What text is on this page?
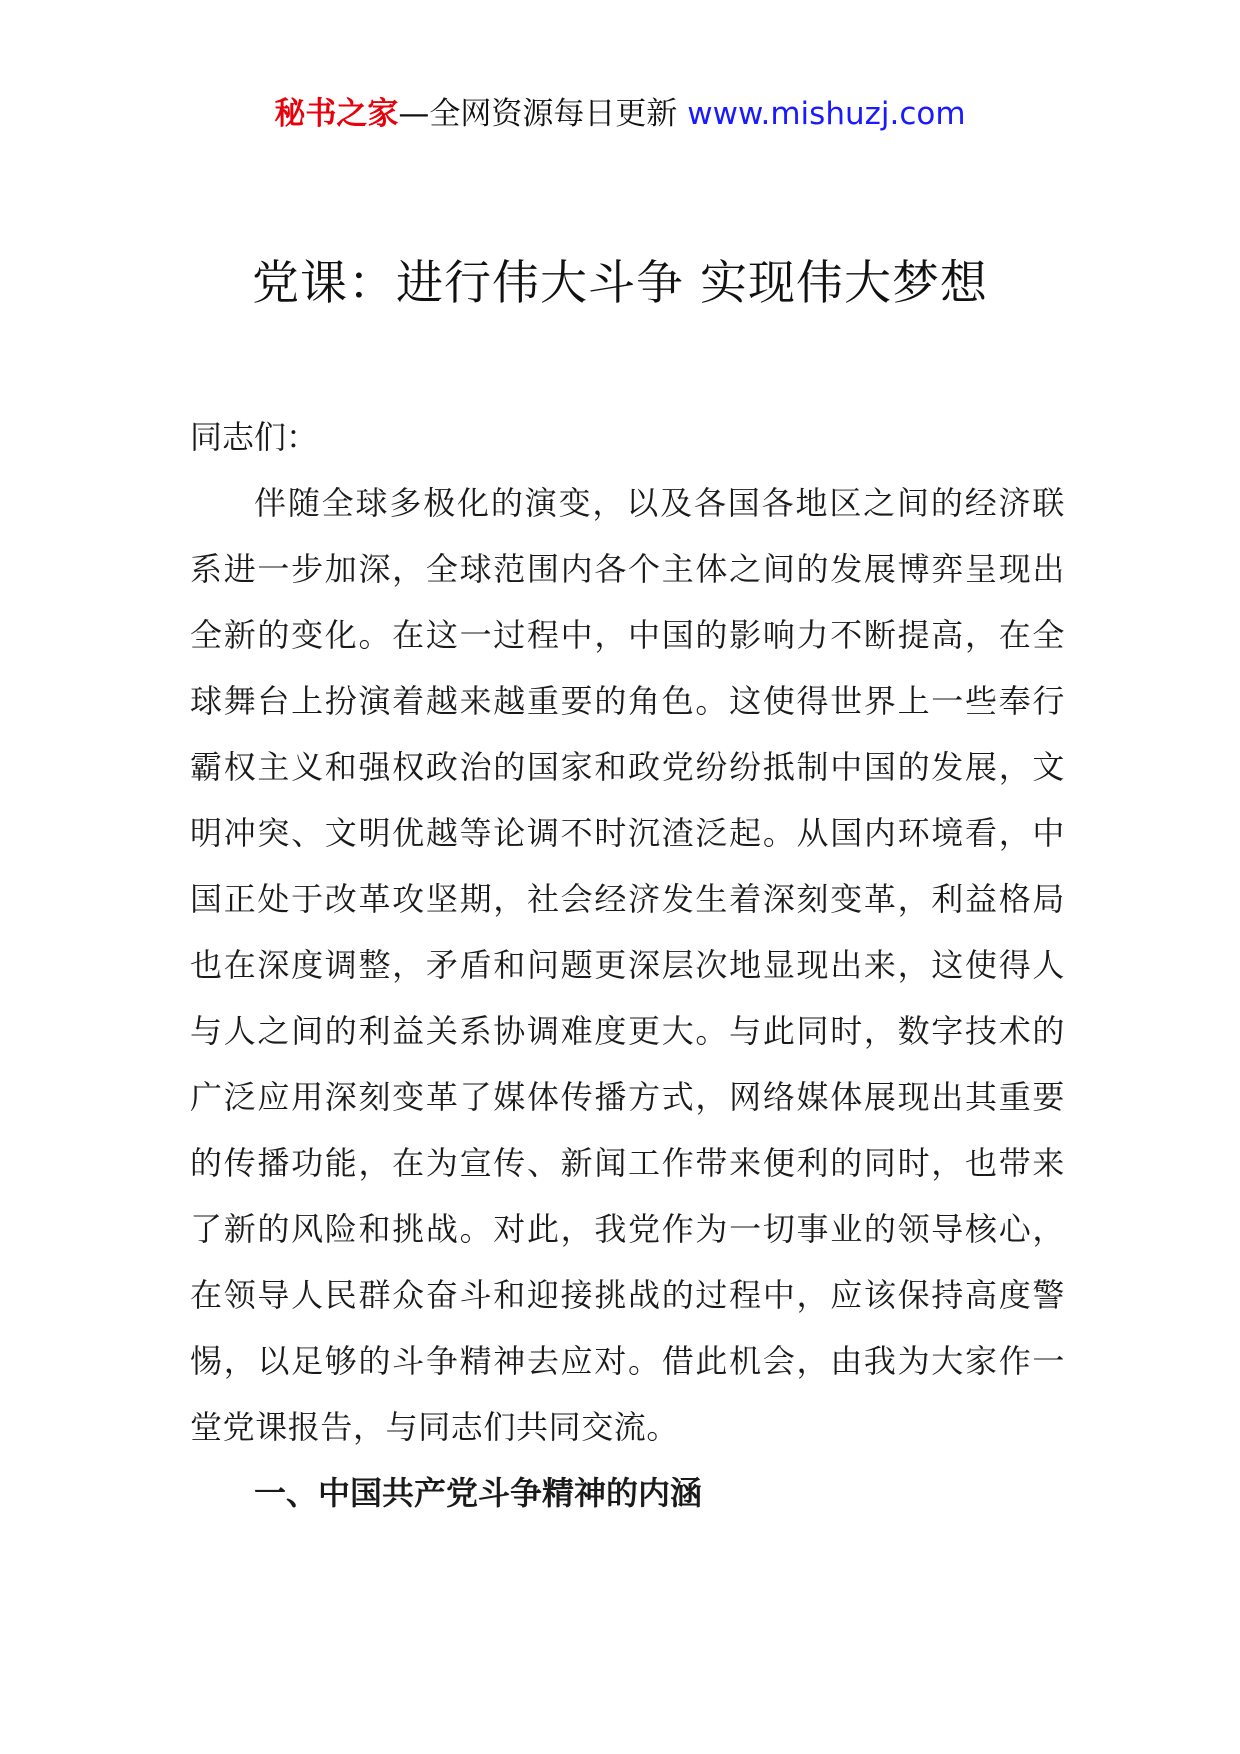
秘书之家—全网资源每日更新 www.mishuzj.com
党课：进行伟大斗争 实现伟大梦想

同志们：

伴随全球多极化的演变，以及各国各地区之间的经济联系进一步加深，全球范围内各个主体之间的发展博弈呈现出全新的变化。在这一过程中，中国的影响力不断提高，在全球舞台上扮演着越来越重要的角色。这使得世界上一些奉行霸权主义和强权政治的国家和政党纷纷抵制中国的发展，文明冲突、文明优越等论调不时沉渣泛起。从国内环境看，中国正处于改革攻坚期，社会经济发生着深刻变革，利益格局也在深度调整，矛盾和问题更深层次地显现出来，这使得人与人之间的利益关系协调难度更大。与此同时，数字技术的广泛应用深刻变革了媒体传播方式，网络媒体展现出其重要的传播功能，在为宣传、新闻工作带来便利的同时，也带来了新的风险和挑战。对此，我党作为一切事业的领导核心，在领导人民群众奋斗和迎接挑战的过程中，应该保持高度警惕，以足够的斗争精神去应对。借此机会，由我为大家作一堂党课报告，与同志们共同交流。

一、中国共产党斗争精神的内涵
